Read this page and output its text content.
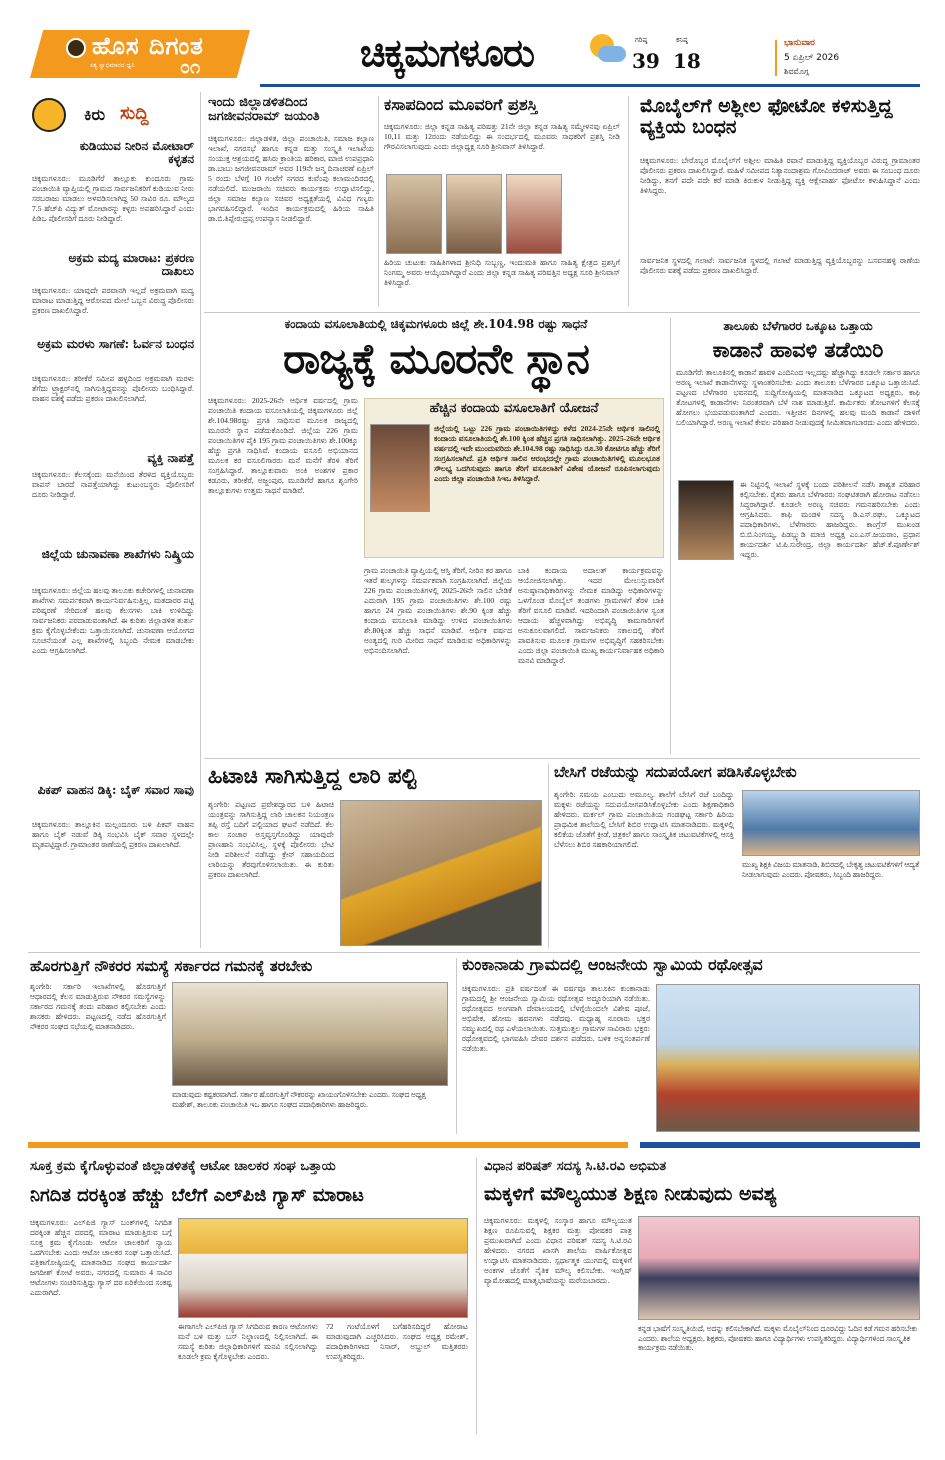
ಹೊಸ ದಿಗಂತ
ಸತ್ಯ ಸ್ವಾಭಿಮಾನದ ಧ್ವನಿ	೦೧	ಚಿಕ್ಕಮಗಳೂರು	ಗರಿಷ್ಠ
39
ಕನಿಷ್ಠ
18
ಭಾನುವಾರ
5 ಏಪ್ರಿಲ್ 2026
ಶಿವಮೊಗ್ಗ
ಕಿರು ಸುದ್ದಿ
ಕುಡಿಯುವ ನೀರಿನ ಮೋಟಾರ್ ಕಳ್ಳತನ
ಚಿಕ್ಕಮಗಳೂರು: ಮೂಡಿಗೆರೆ ತಾಲ್ಲೂಕು ಕುಂದೂರು ಗ್ರಾಮ ಪಂಚಾಯಿತಿ ವ್ಯಾಪ್ತಿಯಲ್ಲಿ ಗ್ರಾಮದ ಸಾರ್ವಜನಿಕರಿಗೆ ಕುಡಿಯುವ ನೀರು ಸರಬರಾಜು ಮಾಡಲು ಅಳವಡಿಸಲಾಗಿದ್ದ 50 ಸಾವಿರ ರೂ. ಮೌಲ್ಯದ 7.5 ಹೆಚ್‌ಪಿ ವಿದ್ಯುತ್ ಮೋಟಾರನ್ನು ಕಳ್ಳರು ಅಪಹರಿಸಿದ್ದಾರೆ ಎಂದು ಪಿಡಿಒ ಪೊಲೀಸರಿಗೆ ದೂರು ನೀಡಿದ್ದಾರೆ.
ಅಕ್ರಮ ಮದ್ಯ ಮಾರಾಟ: ಪ್ರಕರಣ ದಾಖಲು
ಚಿಕ್ಕಮಗಳೂರು: ಯಾವುದೇ ಪರವಾನಗಿ ಇಲ್ಲದೆ ಅಕ್ರಮವಾಗಿ ಮದ್ಯ ಮಾರಾಟ ಮಾಡುತ್ತಿದ್ದ ಆರೋಪದ ಮೇಲೆ ಒಬ್ಬನ ವಿರುದ್ಧ ಪೊಲೀಸರು ಪ್ರಕರಣ ದಾಖಲಿಸಿದ್ದಾರೆ.
ಅಕ್ರಮ ಮರಳು ಸಾಗಣೆ: ಓರ್ವನ ಬಂಧನ
ಚಿಕ್ಕಮಗಳೂರು: ತರೀಕೆರೆ ಸಮೀಪ ಹಳ್ಳದಿಂದ ಅಕ್ರಮವಾಗಿ ಮರಳು ತೆಗೆದು ಟ್ರ್ಯಾಕ್ಟರ್‌ನಲ್ಲಿ ಸಾಗಿಸುತ್ತಿದ್ದವನನ್ನು ಪೊಲೀಸರು ಬಂಧಿಸಿದ್ದಾರೆ. ವಾಹನ ವಶಕ್ಕೆ ಪಡೆದು ಪ್ರಕರಣ ದಾಖಲಿಸಲಾಗಿದೆ.
ವ್ಯಕ್ತಿ ನಾಪತ್ತೆ
ಚಿಕ್ಕಮಗಳೂರು: ಕೆಲಸಕ್ಕೆಂದು ಮನೆಯಿಂದ ತೆರಳಿದ ವ್ಯಕ್ತಿಯೊಬ್ಬರು ವಾಪಸ್ ಬಾರದೆ ನಾಪತ್ತೆಯಾಗಿದ್ದು ಕುಟುಂಬಸ್ಥರು ಪೊಲೀಸರಿಗೆ ದೂರು ನೀಡಿದ್ದಾರೆ.
ಜಿಲ್ಲೆಯ ಚುನಾವಣಾ ಶಾಖೆಗಳು ನಿಷ್ಕ್ರಿಯ
ಚಿಕ್ಕಮಗಳೂರು: ಜಿಲ್ಲೆಯ ಹಲವು ತಾಲೂಕು ಕಚೇರಿಗಳಲ್ಲಿ ಚುನಾವಣಾ ಶಾಖೆಗಳು ಸಮರ್ಪಕವಾಗಿ ಕಾರ್ಯನಿರ್ವಹಿಸುತ್ತಿಲ್ಲ. ಮತದಾರರ ಪಟ್ಟಿ ಪರಿಷ್ಕರಣೆ ಸೇರಿದಂತೆ ಹಲವು ಕೆಲಸಗಳು ಬಾಕಿ ಉಳಿದಿದ್ದು ಸಾರ್ವಜನಿಕರು ಪರದಾಡುವಂತಾಗಿದೆ. ಈ ಕುರಿತು ಜಿಲ್ಲಾಡಳಿತ ತುರ್ತು ಕ್ರಮ ಕೈಗೊಳ್ಳಬೇಕೆಂದು ಒತ್ತಾಯಿಸಲಾಗಿದೆ. ಚುನಾವಣಾ ಆಯೋಗದ ಸೂಚನೆಯಂತೆ ಎಲ್ಲ ಶಾಖೆಗಳಲ್ಲಿ ಸಿಬ್ಬಂದಿ ನೇಮಕ ಮಾಡಬೇಕು ಎಂದು ಆಗ್ರಹಿಸಲಾಗಿದೆ.
ಪಿಕಪ್ ವಾಹನ ಡಿಕ್ಕಿ: ಬೈಕ್ ಸವಾರ ಸಾವು
ಚಿಕ್ಕಮಗಳೂರು: ತಾಲ್ಲೂಕಿನ ಮಲ್ಲಂದೂರು ಬಳಿ ಪಿಕಪ್ ವಾಹನ ಹಾಗೂ ಬೈಕ್ ನಡುವೆ ಡಿಕ್ಕಿ ಸಂಭವಿಸಿ ಬೈಕ್ ಸವಾರ ಸ್ಥಳದಲ್ಲೇ ಮೃತಪಟ್ಟಿದ್ದಾರೆ. ಗ್ರಾಮಾಂತರ ಠಾಣೆಯಲ್ಲಿ ಪ್ರಕರಣ ದಾಖಲಾಗಿದೆ.
ಇಂದು ಜಿಲ್ಲಾಡಳಿತದಿಂದ ಜಗಜೀವನರಾಮ್ ಜಯಂತಿ
ಚಿಕ್ಕಮಗಳೂರು: ಜಿಲ್ಲಾಡಳಿತ, ಜಿಲ್ಲಾ ಪಂಚಾಯಿತಿ, ಸಮಾಜ ಕಲ್ಯಾಣ ಇಲಾಖೆ, ನಗರಸಭೆ ಹಾಗೂ ಕನ್ನಡ ಮತ್ತು ಸಂಸ್ಕೃತಿ ಇಲಾಖೆಯ ಸಂಯುಕ್ತ ಆಶ್ರಯದಲ್ಲಿ ಹಸಿರು ಕ್ರಾಂತಿಯ ಹರಿಕಾರ, ಮಾಜಿ ಉಪಪ್ರಧಾನಿ ಡಾ.ಬಾಬು ಜಗಜೀವನರಾಮ್ ಅವರ 119ನೇ ಜನ್ಮ ದಿನಾಚರಣೆ ಏಪ್ರಿಲ್ 5 ರಂದು ಬೆಳಗ್ಗೆ 10 ಗಂಟೆಗೆ ನಗರದ ಕುವೆಂಪು ಕಲಾಮಂದಿರದಲ್ಲಿ ನಡೆಯಲಿದೆ. ಮುಜರಾಯಿ ಸಚಿವರು ಕಾರ್ಯಕ್ರಮ ಉದ್ಘಾಟಿಸಲಿದ್ದು, ಜಿಲ್ಲಾ ಸಮಾಜ ಕಲ್ಯಾಣ ಸಚಿವರ ಅಧ್ಯಕ್ಷತೆಯಲ್ಲಿ ವಿವಿಧ ಗಣ್ಯರು ಭಾಗವಹಿಸಲಿದ್ದಾರೆ. ಇಂದಿನ ಕಾರ್ಯಕ್ರಮದಲ್ಲಿ ಹಿರಿಯ ಸಾಹಿತಿ ಡಾ.ಬಿ.ತಿಪ್ಪೇರುದ್ರಪ್ಪ ಉಪನ್ಯಾಸ ನೀಡಲಿದ್ದಾರೆ.
ಕಸಾಪದಿಂದ ಮೂವರಿಗೆ ಪ್ರಶಸ್ತಿ
ಚಿಕ್ಕಮಗಳೂರು: ಜಿಲ್ಲಾ ಕನ್ನಡ ಸಾಹಿತ್ಯ ಪರಿಷತ್ತು 21ನೇ ಜಿಲ್ಲಾ ಕನ್ನಡ ಸಾಹಿತ್ಯ ಸಮ್ಮೇಳನವು ಏಪ್ರಿಲ್ 10,11 ಮತ್ತು 12ರಂದು ನಡೆಯಲಿದ್ದು ಈ ಸಂದರ್ಭದಲ್ಲಿ ಮೂವರು ಸಾಧಕರಿಗೆ ಪ್ರಶಸ್ತಿ ನೀಡಿ ಗೌರವಿಸಲಾಗುವುದು ಎಂದು ಜಿಲ್ಲಾಧ್ಯಕ್ಷ ಸೂರಿ ಶ್ರೀನಿವಾಸ್ ತಿಳಿಸಿದ್ದಾರೆ.
ಹಿರಿಯ ಚುಟುಕು ಸಾಹಿತಿಗಳಾದ ಶ್ರೀನಿಧಿ ಸುಬ್ಬಣ್ಣ, ಇಂದುಮತಿ ಹಾಗೂ ಸಾಹಿತ್ಯ ಕ್ಷೇತ್ರದ ಪ್ರಶಸ್ತಿಗೆ ನಿಂಗಮ್ಮ ಅವರು ಆಯ್ಕೆಯಾಗಿದ್ದಾರೆ ಎಂದು ಜಿಲ್ಲಾ ಕನ್ನಡ ಸಾಹಿತ್ಯ ಪರಿಷತ್ತಿನ ಅಧ್ಯಕ್ಷ ಸೂರಿ ಶ್ರೀನಿವಾಸ್ ತಿಳಿಸಿದ್ದಾರೆ.
ಮೊಬೈಲ್‌ಗೆ ಅಶ್ಲೀಲ ಫೋಟೋ ಕಳಿಸುತ್ತಿದ್ದ ವ್ಯಕ್ತಿಯ ಬಂಧನ
ಚಿಕ್ಕಮಗಳೂರು: ಬೇರೊಬ್ಬರ ಮೊಬೈಲ್‌ಗೆ ಅಶ್ಲೀಲ ಮಾಹಿತಿ ರವಾನೆ ಮಾಡುತ್ತಿದ್ದ ವ್ಯಕ್ತಿಯೊಬ್ಬರ ವಿರುದ್ಧ ಗ್ರಾಮಾಂತರ ಪೊಲೀಸರು ಪ್ರಕರಣ ದಾಖಲಿಸಿದ್ದಾರೆ. ಮಹಿಳೆ ಸಮೀಪದ ನಿತ್ಯಾನಂದಾಶ್ರಮ ಗೋವಿಂದರಾಜ್ ಅವರು ಈ ಸಂಬಂಧ ದೂರು ನೀಡಿದ್ದು, ತನಗೆ ಪದೇ ಪದೇ ಕರೆ ಮಾಡಿ ಕಿರುಕುಳ ನೀಡುತ್ತಿದ್ದ ವ್ಯಕ್ತಿ ಆಕ್ಷೇಪಾರ್ಹ ಫೋಟೋ ಕಳುಹಿಸಿದ್ದಾನೆ ಎಂದು ತಿಳಿಸಿದ್ದರು.
ಸಾರ್ವಜನಿಕ ಸ್ಥಳದಲ್ಲಿ ಗಲಾಟೆ: ಸಾರ್ವಜನಿಕ ಸ್ಥಳದಲ್ಲಿ ಗಲಾಟೆ ಮಾಡುತ್ತಿದ್ದ ವ್ಯಕ್ತಿಯೊಬ್ಬರನ್ನು ಬಸವನಹಳ್ಳಿ ಠಾಣೆಯ ಪೊಲೀಸರು ವಶಕ್ಕೆ ಪಡೆದು ಪ್ರಕರಣ ದಾಖಲಿಸಿದ್ದಾರೆ.
ಕಂದಾಯ ವಸೂಲಾತಿಯಲ್ಲಿ ಚಿಕ್ಕಮಗಳೂರು ಜಿಲ್ಲೆ ಶೇ.104.98 ರಷ್ಟು ಸಾಧನೆ
ರಾಜ್ಯಕ್ಕೆ ಮೂರನೇ ಸ್ಥಾನ
ಚಿಕ್ಕಮಗಳೂರು: 2025-26ನೇ ಆರ್ಥಿಕ ವರ್ಷದಲ್ಲಿ ಗ್ರಾಮ ಪಂಚಾಯಿತಿ ಕಂದಾಯ ವಸೂಲಾತಿಯಲ್ಲಿ ಚಿಕ್ಕಮಗಳೂರು ಜಿಲ್ಲೆ ಶೇ.104.98ರಷ್ಟು ಪ್ರಗತಿ ಸಾಧಿಸುವ ಮೂಲಕ ರಾಜ್ಯದಲ್ಲಿ ಮೂರನೇ ಸ್ಥಾನ ಪಡೆದುಕೊಂಡಿದೆ. ಜಿಲ್ಲೆಯ 226 ಗ್ರಾಮ ಪಂಚಾಯಿತಿಗಳ ಪೈಕಿ 195 ಗ್ರಾಮ ಪಂಚಾಯಿತಿಗಳು ಶೇ.100ಕ್ಕೂ ಹೆಚ್ಚು ಪ್ರಗತಿ ಸಾಧಿಸಿವೆ. ಕಂದಾಯ ವಸೂಲಿ ಅಭಿಯಾನದ ಮೂಲಕ ಕರ ವಸೂಲಿಗಾರರು ಮನೆ ಮನೆಗೆ ತೆರಳಿ ತೆರಿಗೆ ಸಂಗ್ರಹಿಸಿದ್ದಾರೆ. ತಾಲ್ಲೂಕುವಾರು ಅಂಕಿ ಅಂಶಗಳ ಪ್ರಕಾರ ಕಡೂರು, ತರೀಕೆರೆ, ಅಜ್ಜಂಪುರ, ಮೂಡಿಗೆರೆ ಹಾಗೂ ಶೃಂಗೇರಿ ತಾಲ್ಲೂಕುಗಳು ಉತ್ತಮ ಸಾಧನೆ ಮಾಡಿವೆ.
ಹೆಚ್ಚಿನ ಕಂದಾಯ ವಸೂಲಾತಿಗೆ ಯೋಜನೆ
ಜಿಲ್ಲೆಯಲ್ಲಿ ಒಟ್ಟು 226 ಗ್ರಾಮ ಪಂಚಾಯಿತಿಗಳಿದ್ದು ಕಳೆದ 2024-25ನೇ ಆರ್ಥಿಕ ಸಾಲಿನಲ್ಲಿ ಕಂದಾಯ ವಸೂಲಾತಿಯಲ್ಲಿ ಶೇ.100 ಕ್ಕಿಂತ ಹೆಚ್ಚಿನ ಪ್ರಗತಿ ಸಾಧಿಸಲಾಗಿತ್ತು. 2025-26ನೇ ಆರ್ಥಿಕ ವರ್ಷದಲ್ಲಿ ಇದೇ ಮುಂದುವರಿದು ಶೇ.104.98 ರಷ್ಟು ಸಾಧಿಸಿದ್ದು ರೂ.30 ಕೋಟಿಗೂ ಹೆಚ್ಚು ತೆರಿಗೆ ಸಂಗ್ರಹಿಸಲಾಗಿದೆ. ಪ್ರತಿ ಆರ್ಥಿಕ ಸಾಲಿನ ಆರಂಭದಲ್ಲೇ ಗ್ರಾಮ ಪಂಚಾಯಿತಿಗಳಲ್ಲಿ ಮೂಲಭೂತ ಸೌಲಭ್ಯ ಒದಗಿಸುವುದು ಹಾಗೂ ತೆರಿಗೆ ವಸೂಲಾತಿಗೆ ವಿಶೇಷ ಯೋಜನೆ ರೂಪಿಸಲಾಗುವುದು ಎಂದು ಜಿಲ್ಲಾ ಪಂಚಾಯಿತಿ ಸಿಇಒ ತಿಳಿಸಿದ್ದಾರೆ.
ಗ್ರಾಮ ಪಂಚಾಯಿತಿ ವ್ಯಾಪ್ತಿಯಲ್ಲಿ ಆಸ್ತಿ ತೆರಿಗೆ, ನೀರಿನ ಕರ ಹಾಗೂ ಇತರೆ ಶುಲ್ಕಗಳನ್ನು ಸಮರ್ಪಕವಾಗಿ ಸಂಗ್ರಹಿಸಲಾಗಿದೆ. ಜಿಲ್ಲೆಯ 226 ಗ್ರಾಮ ಪಂಚಾಯಿತಿಗಳಲ್ಲಿ 2025-26ನೇ ಸಾಲಿನ ಬೇಡಿಕೆ ಎದುರಾಗಿ 195 ಗ್ರಾಮ ಪಂಚಾಯಿತಿಗಳು ಶೇ.100 ರಷ್ಟು ಹಾಗೂ 24 ಗ್ರಾಮ ಪಂಚಾಯಿತಿಗಳು ಶೇ.90 ಕ್ಕಿಂತ ಹೆಚ್ಚು ಕಂದಾಯ ವಸೂಲಾತಿ ಮಾಡಿದ್ದು ಉಳಿದ ಪಂಚಾಯಿತಿಗಳು ಶೇ.80ಕ್ಕಿಂತ ಹೆಚ್ಚು ಸಾಧನೆ ಮಾಡಿವೆ. ಆರ್ಥಿಕ ವರ್ಷದ ಅಂತ್ಯದಲ್ಲಿ ಗುರಿ ಮೀರಿದ ಸಾಧನೆ ಮಾಡಿರುವ ಅಧಿಕಾರಿಗಳನ್ನು ಅಭಿನಂದಿಸಲಾಗಿದೆ.
ಬಾಕಿ ಕಂದಾಯ ಅದಾಲತ್ ಕಾರ್ಯಕ್ರಮವನ್ನು ಆಯೋಜಿಸಲಾಗಿತ್ತು. ಇದರ ಮೇಲುಸ್ತುವಾರಿಗೆ ಅನುಷ್ಠಾನಾಧಿಕಾರಿಗಳನ್ನು ನೇಮಕ ಮಾಡಿದ್ದು ಅಧಿಕಾರಿಗಳನ್ನು ಒಳಗೊಂಡ ಮೊಬೈಲ್ ತಂಡಗಳು ಗ್ರಾಮಗಳಿಗೆ ತೆರಳಿ ಬಾಕಿ ತೆರಿಗೆ ವಸೂಲಿ ಮಾಡಿವೆ. ಇದರಿಂದಾಗಿ ಪಂಚಾಯಿತಿಗಳ ಸ್ವಂತ ಆದಾಯ ಹೆಚ್ಚಳವಾಗಿದ್ದು ಅಭಿವೃದ್ಧಿ ಕಾಮಗಾರಿಗಳಿಗೆ ಅನುಕೂಲವಾಗಲಿದೆ. ಸಾರ್ವಜನಿಕರು ಸಕಾಲದಲ್ಲಿ ತೆರಿಗೆ ಪಾವತಿಸುವ ಮೂಲಕ ಗ್ರಾಮಗಳ ಅಭಿವೃದ್ಧಿಗೆ ಸಹಕರಿಸಬೇಕು ಎಂದು ಜಿಲ್ಲಾ ಪಂಚಾಯಿತಿ ಮುಖ್ಯ ಕಾರ್ಯನಿರ್ವಾಹಕ ಅಧಿಕಾರಿ ಮನವಿ ಮಾಡಿದ್ದಾರೆ.
ತಾಲೂಕು ಬೆಳೆಗಾರರ ಒಕ್ಕೂಟ ಒತ್ತಾಯ
ಕಾಡಾನೆ ಹಾವಳಿ ತಡೆಯಿರಿ
ಮೂಡಿಗೆರೆ: ತಾಲೂಕಿನಲ್ಲಿ ಕಾಡಾನೆ ಹಾವಳಿ ಎಂದಿನಿಂದ ಇಲ್ಲದಷ್ಟು ಹೆಚ್ಚಾಗಿದ್ದು ಕೂಡಲೇ ಸರ್ಕಾರ ಹಾಗೂ ಅರಣ್ಯ ಇಲಾಖೆ ಕಾಡಾನೆಗಳನ್ನು ಸ್ಥಳಾಂತರಿಸಬೇಕು ಎಂದು ತಾಲೂಕು ಬೆಳೆಗಾರರ ಒಕ್ಕೂಟ ಒತ್ತಾಯಿಸಿದೆ. ಪಟ್ಟಣದ ಬೆಳೆಗಾರರ ಭವನದಲ್ಲಿ ಸುದ್ದಿಗೋಷ್ಠಿಯಲ್ಲಿ ಮಾತನಾಡಿದ ಒಕ್ಕೂಟದ ಅಧ್ಯಕ್ಷರು, ಕಾಫಿ ತೋಟಗಳಲ್ಲಿ ಕಾಡಾನೆಗಳು ನಿರಂತರವಾಗಿ ಬೆಳೆ ನಾಶ ಮಾಡುತ್ತಿವೆ. ಕಾರ್ಮಿಕರು ತೋಟಗಳಿಗೆ ಕೆಲಸಕ್ಕೆ ಹೋಗಲು ಭಯಪಡುವಂತಾಗಿದೆ ಎಂದರು. ಇತ್ತೀಚಿನ ದಿನಗಳಲ್ಲಿ ಹಲವು ಮಂದಿ ಕಾಡಾನೆ ದಾಳಿಗೆ ಬಲಿಯಾಗಿದ್ದಾರೆ. ಅರಣ್ಯ ಇಲಾಖೆ ಕೇವಲ ಪರಿಹಾರ ನೀಡುವುದಕ್ಕೆ ಸೀಮಿತವಾಗಬಾರದು ಎಂದು ಹೇಳಿದರು.
ಈ ನಿಟ್ಟಿನಲ್ಲಿ ಇಲಾಖೆ ಸ್ಥಳಕ್ಕೆ ಬಂದು ಪರಿಶೀಲನೆ ನಡೆಸಿ ಶಾಶ್ವತ ಪರಿಹಾರ ಕಲ್ಪಿಸಬೇಕು. ರೈತರು ಹಾಗೂ ಬೆಳೆಗಾರರು ಸಂಘಟಿತರಾಗಿ ಹೋರಾಟ ನಡೆಸಲು ಸಿದ್ಧರಾಗಿದ್ದಾರೆ. ಕೂಡಲೇ ಅರಣ್ಯ ಸಚಿವರು ಗಮನಹರಿಸಬೇಕು ಎಂದು ಆಗ್ರಹಿಸಿದರು. ಕಾಫಿ ಮಂಡಳಿ ಸದಸ್ಯ ಡಿ.ಎಸ್.ರಘು, ಒಕ್ಕೂಟದ ಪದಾಧಿಕಾರಿಗಳು, ಬೆಳೆಗಾರರು ಹಾಜರಿದ್ದರು. ಕಾಂಗ್ರೆಸ್ ಮುಖಂಡ ಬಿ.ಬಿ.ನಿಂಗಯ್ಯ, ಪಿಡಬ್ಲ್ಯುಡಿ ಮಾಜಿ ಅಧ್ಯಕ್ಷ ಎಂ.ಎಸ್.ಜಯರಾಂ, ಪ್ರಧಾನ ಕಾರ್ಯದರ್ಶಿ ಟಿ.ಪಿ.ಸುರೇಂದ್ರ, ಜಿಲ್ಲಾ ಕಾರ್ಯದರ್ಶಿ ಹೆಚ್.ಕೆ.ಪೂರ್ಣೇಶ್ ಇದ್ದರು.
ಹಿಟಾಚಿ ಸಾಗಿಸುತ್ತಿದ್ದ ಲಾರಿ ಪಲ್ಟಿ
ಶೃಂಗೇರಿ: ಪಟ್ಟಣದ ಪ್ರವೇಶದ್ವಾರದ ಬಳಿ ಹಿಟಾಚಿ ಯಂತ್ರವನ್ನು ಸಾಗಿಸುತ್ತಿದ್ದ ಲಾರಿ ಚಾಲಕನ ನಿಯಂತ್ರಣ ತಪ್ಪಿ ರಸ್ತೆ ಬದಿಗೆ ಪಲ್ಟಿಯಾದ ಘಟನೆ ನಡೆದಿದೆ. ಕೆಲ ಕಾಲ ಸಂಚಾರ ಅಸ್ತವ್ಯಸ್ತಗೊಂಡಿದ್ದು ಯಾವುದೇ ಪ್ರಾಣಹಾನಿ ಸಂಭವಿಸಿಲ್ಲ. ಸ್ಥಳಕ್ಕೆ ಪೊಲೀಸರು ಭೇಟಿ ನೀಡಿ ಪರಿಶೀಲನೆ ನಡೆಸಿದ್ದು ಕ್ರೇನ್ ಸಹಾಯದಿಂದ ಲಾರಿಯನ್ನು ತೆರವುಗೊಳಿಸಲಾಯಿತು. ಈ ಕುರಿತು ಪ್ರಕರಣ ದಾಖಲಾಗಿದೆ.
ಬೇಸಿಗೆ ರಜೆಯನ್ನು ಸದುಪಯೋಗ ಪಡಿಸಿಕೊಳ್ಳಬೇಕು
ಶೃಂಗೇರಿ: ಸಮಯ ಎಂಬುದು ಅಮೂಲ್ಯ. ಶಾಲೆಗೆ ಬೇಸಿಗೆ ರಜೆ ಬಂದಿದ್ದು ಮಕ್ಕಳು ರಜೆಯನ್ನು ಸದುಪಯೋಗಪಡಿಸಿಕೊಳ್ಳಬೇಕು ಎಂದು ಶಿಕ್ಷಣಾಧಿಕಾರಿ ಹೇಳಿದರು. ಮರ್ಕಲ್ ಗ್ರಾಮ ಪಂಚಾಯಿತಿಯ ಗಂಡಘಟ್ಟ ಸರ್ಕಾರಿ ಹಿರಿಯ ಪ್ರಾಥಮಿಕ ಶಾಲೆಯಲ್ಲಿ ಬೇಸಿಗೆ ಶಿಬಿರ ಉದ್ಘಾಟಿಸಿ ಮಾತನಾಡಿದರು. ಮಕ್ಕಳಲ್ಲಿ ಕಲಿಕೆಯ ಜೊತೆಗೆ ಕ್ರೀಡೆ, ಚಿತ್ರಕಲೆ ಹಾಗೂ ಸಾಂಸ್ಕೃತಿಕ ಚಟುವಟಿಕೆಗಳಲ್ಲಿ ಆಸಕ್ತಿ ಬೆಳೆಸಲು ಶಿಬಿರ ಸಹಕಾರಿಯಾಗಲಿದೆ.
ಮುಖ್ಯ ಶಿಕ್ಷಕಿ ವಿಜಯ ಮಾತನಾಡಿ, ಶಿಬಿರದಲ್ಲಿ ಬೇಕೃತ್ಯ ಚಟುವಟಿಕೆಗಳಿಗೆ ಆದ್ಯತೆ ನೀಡಲಾಗುವುದು ಎಂದರು. ಪೋಷಕರು, ಸಿಬ್ಬಂದಿ ಹಾಜರಿದ್ದರು.
ಹೊರಗುತ್ತಿಗೆ ನೌಕರರ ಸಮಸ್ಯೆ ಸರ್ಕಾರದ ಗಮನಕ್ಕೆ ತರಬೇಕು
ಶೃಂಗೇರಿ: ಸರ್ಕಾರಿ ಇಲಾಖೆಗಳಲ್ಲಿ ಹೊರಗುತ್ತಿಗೆ ಆಧಾರದಲ್ಲಿ ಕೆಲಸ ಮಾಡುತ್ತಿರುವ ನೌಕರರ ಸಮಸ್ಯೆಗಳನ್ನು ಸರ್ಕಾರದ ಗಮನಕ್ಕೆ ತಂದು ಪರಿಹಾರ ಕಲ್ಪಿಸಬೇಕು ಎಂದು ಶಾಸಕರು ಹೇಳಿದರು. ಪಟ್ಟಣದಲ್ಲಿ ನಡೆದ ಹೊರಗುತ್ತಿಗೆ ನೌಕರರ ಸಂಘದ ಸಭೆಯಲ್ಲಿ ಮಾತನಾಡಿದರು.
ಮಾಡುವುದು ಕಷ್ಟಕರವಾಗಿದೆ. ಸರ್ಕಾರ ಹೊರಗುತ್ತಿಗೆ ನೌಕರರನ್ನು ಖಾಯಂಗೊಳಿಸಬೇಕು ಎಂದರು. ಸಂಘದ ಅಧ್ಯಕ್ಷ ಮಹೇಶ್, ತಾಲೂಕು ಪಂಚಾಯಿತಿ ಇಒ ಹಾಗೂ ಸಂಘದ ಪದಾಧಿಕಾರಿಗಳು ಹಾಜರಿದ್ದರು.
ಕುಂಕಾನಾಡು ಗ್ರಾಮದಲ್ಲಿ ಆಂಜನೇಯ ಸ್ವಾಮಿಯ ರಥೋತ್ಸವ
ಚಿಕ್ಕಮಗಳೂರು: ಪ್ರತಿ ವರ್ಷದಂತೆ ಈ ವರ್ಷವೂ ತಾಲೂಕಿನ ಕುಂಕಾನಾಡು ಗ್ರಾಮದಲ್ಲಿ ಶ್ರೀ ಆಂಜನೇಯ ಸ್ವಾಮಿಯ ರಥೋತ್ಸವ ಅದ್ದೂರಿಯಾಗಿ ನಡೆಯಿತು. ರಥೋತ್ಸವದ ಅಂಗವಾಗಿ ದೇವಾಲಯದಲ್ಲಿ ಬೆಳಗ್ಗೆಯಿಂದಲೇ ವಿಶೇಷ ಪೂಜೆ, ಅಭಿಷೇಕ, ಹೋಮ ಹವನಗಳು ನಡೆದವು. ಮಧ್ಯಾಹ್ನ ನೂರಾರು ಭಕ್ತರ ಸಮ್ಮುಖದಲ್ಲಿ ರಥ ಎಳೆಯಲಾಯಿತು. ಸುತ್ತಮುತ್ತಲ ಗ್ರಾಮಗಳ ಸಾವಿರಾರು ಭಕ್ತರು ರಥೋತ್ಸವದಲ್ಲಿ ಭಾಗವಹಿಸಿ ದೇವರ ದರ್ಶನ ಪಡೆದರು. ಬಳಿಕ ಅನ್ನಸಂತರ್ಪಣೆ ನಡೆಯಿತು.
ಸೂಕ್ತ ಕ್ರಮ ಕೈಗೊಳ್ಳುವಂತೆ ಜಿಲ್ಲಾಡಳಿತಕ್ಕೆ ಆಟೋ ಚಾಲಕರ ಸಂಘ ಒತ್ತಾಯ
ನಿಗದಿತ ದರಕ್ಕಿಂತ ಹೆಚ್ಚು ಬೆಲೆಗೆ ಎಲ್‌ಪಿಜಿ ಗ್ಯಾಸ್ ಮಾರಾಟ
ಚಿಕ್ಕಮಗಳೂರು: ಎಲ್‌ಪಿಜಿ ಗ್ಯಾಸ್ ಬಂಕ್‌ಗಳಲ್ಲಿ ನಿಗದಿತ ದರಕ್ಕಿಂತ ಹೆಚ್ಚಿನ ದರದಲ್ಲಿ ಮಾರಾಟ ಮಾಡುತ್ತಿರುವ ಬಗ್ಗೆ ಸೂಕ್ತ ಕ್ರಮ ಕೈಗೊಂಡು ಆಟೋ ಚಾಲಕರಿಗೆ ನ್ಯಾಯ ಒದಗಿಸಬೇಕು ಎಂದು ಆಟೋ ಚಾಲಕರ ಸಂಘ ಒತ್ತಾಯಿಸಿದೆ. ಪತ್ರಿಕಾಗೋಷ್ಠಿಯಲ್ಲಿ ಮಾತನಾಡಿದ ಸಂಘದ ಕಾರ್ಯದರ್ಶಿ ಜಗದೀಶ್ ಕೋಟೆ ಅವರು, ನಗರದಲ್ಲಿ ಸುಮಾರು 4 ಸಾವಿರ ಆಟೋಗಳು ಸಂಚರಿಸುತ್ತಿದ್ದು ಗ್ಯಾಸ್ ದರ ಏರಿಕೆಯಿಂದ ಸಂಕಷ್ಟ ಎದುರಾಗಿದೆ.
ಈಗಾಗಲೇ ಎಲ್‌ಪಿಜಿ ಗ್ಯಾಸ್ ಸಿಗದಿರುವ ಕಾರಣ ಆಟೋಗಳು ಮನೆ ಬಳಿ ಮತ್ತು ಬಸ್ ನಿಲ್ದಾಣದಲ್ಲಿ ನಿಲ್ಲಿಸಲಾಗಿದೆ. ಈ ಸಮಸ್ಯೆ ಕುರಿತು ಜಿಲ್ಲಾಧಿಕಾರಿಗಳಿಗೆ ಮನವಿ ಸಲ್ಲಿಸಲಾಗಿದ್ದು ಕೂಡಲೇ ಕ್ರಮ ಕೈಗೊಳ್ಳಬೇಕು ಎಂದರು.
72 ಗಂಟೆಯೊಳಗೆ ಬಗೆಹರಿಸದಿದ್ದರೆ ಹೋರಾಟ ಮಾಡುವುದಾಗಿ ಎಚ್ಚರಿಸಿದರು. ಸಂಘದ ಅಧ್ಯಕ್ಷ ರಮೇಶ್, ಪದಾಧಿಕಾರಿಗಳಾದ ನಿಸಾರ್, ಅಬ್ದುಲ್ ಮತ್ತಿತರರು ಉಪಸ್ಥಿತರಿದ್ದರು.
ವಿಧಾನ ಪರಿಷತ್ ಸದಸ್ಯ ಸಿ.ಟಿ.ರವಿ ಅಭಿಮತ
ಮಕ್ಕಳಿಗೆ ಮೌಲ್ಯಯುತ ಶಿಕ್ಷಣ ನೀಡುವುದು ಅವಶ್ಯ
ಚಿಕ್ಕಮಗಳೂರು: ಮಕ್ಕಳಲ್ಲಿ ಸಂಸ್ಕಾರ ಹಾಗೂ ಮೌಲ್ಯಯುತ ಶಿಕ್ಷಣ ರೂಪಿಸುವಲ್ಲಿ ಶಿಕ್ಷಕರ ಮತ್ತು ಪೋಷಕರ ಪಾತ್ರ ಪ್ರಮುಖವಾಗಿದೆ ಎಂದು ವಿಧಾನ ಪರಿಷತ್ ಸದಸ್ಯ ಸಿ.ಟಿ.ರವಿ ಹೇಳಿದರು. ನಗರದ ಖಾಸಗಿ ಶಾಲೆಯ ವಾರ್ಷಿಕೋತ್ಸವ ಉದ್ಘಾಟಿಸಿ ಮಾತನಾಡಿದರು. ಸ್ಪರ್ಧಾತ್ಮಕ ಯುಗದಲ್ಲಿ ಮಕ್ಕಳಿಗೆ ಅಂಕಗಳ ಜೊತೆಗೆ ನೈತಿಕ ಮೌಲ್ಯ ಕಲಿಸಬೇಕು. ಇಂಗ್ಲಿಷ್ ವ್ಯಾಮೋಹದಲ್ಲಿ ಮಾತೃಭಾಷೆಯನ್ನು ಮರೆಯಬಾರದು.
ಕನ್ನಡ ಭಾಷೆಗೆ ಸಂಸ್ಕೃತಿಯಿದೆ, ಅದನ್ನು ಕಲಿಸಬೇಕಾಗಿದೆ. ಮಕ್ಕಳು ಮೊಬೈಲ್‌ನಿಂದ ದೂರವಿದ್ದು ಓದಿನ ಕಡೆ ಗಮನ ಹರಿಸಬೇಕು ಎಂದರು. ಶಾಲೆಯ ಅಧ್ಯಕ್ಷರು, ಶಿಕ್ಷಕರು, ಪೋಷಕರು ಹಾಗೂ ವಿದ್ಯಾರ್ಥಿಗಳು ಉಪಸ್ಥಿತರಿದ್ದರು. ವಿದ್ಯಾರ್ಥಿಗಳಿಂದ ಸಾಂಸ್ಕೃತಿಕ ಕಾರ್ಯಕ್ರಮ ನಡೆಯಿತು.
